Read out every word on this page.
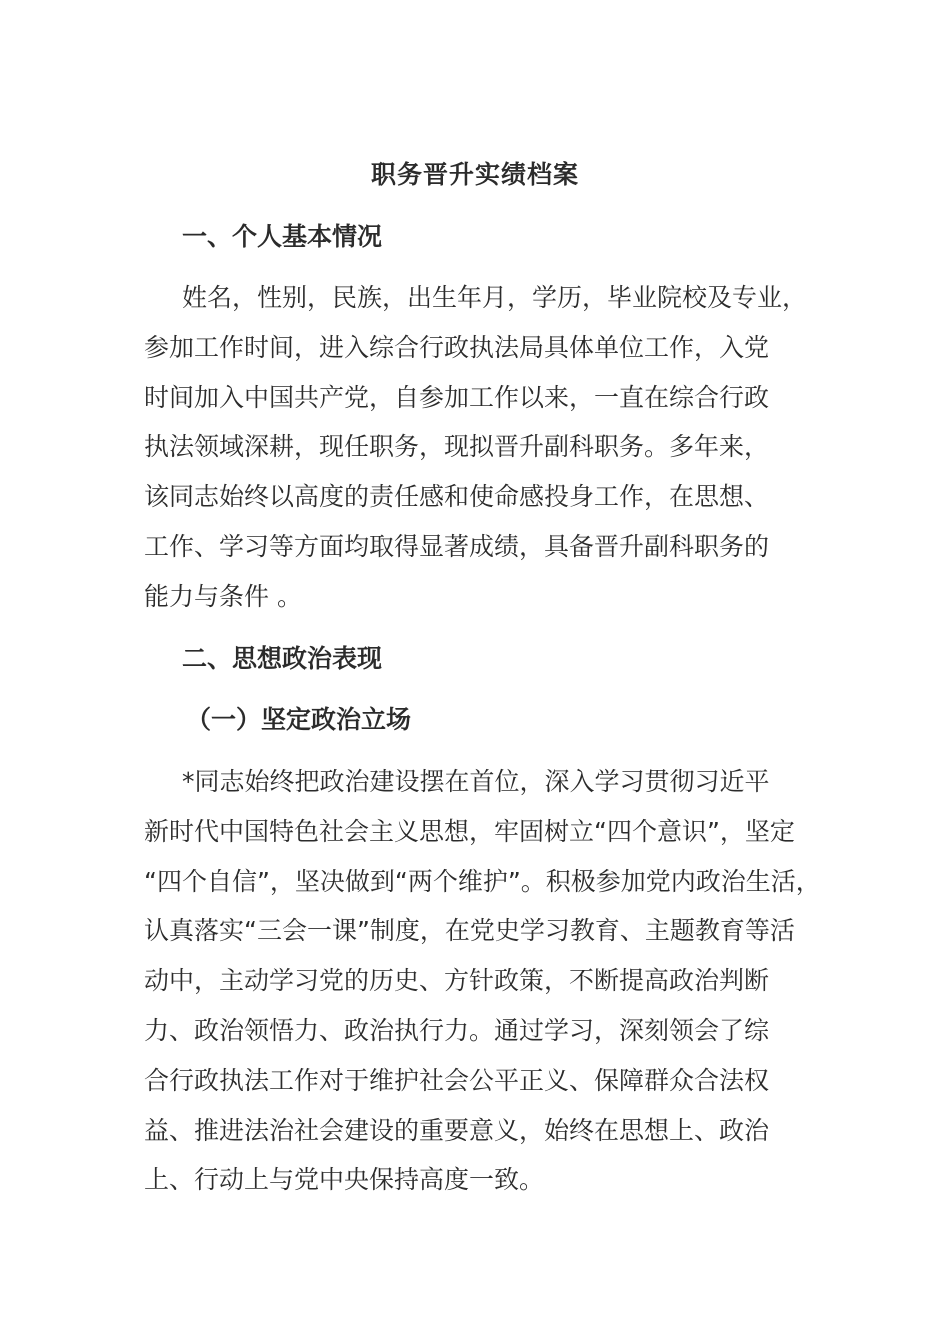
职务晋升实绩档案
一、个人基本情况
姓名，性别，民族，出生年月，学历，毕业院校及专业，
参加工作时间，进入综合行政执法局具体单位工作，入党
时间加入中国共产党，自参加工作以来，一直在综合行政
执法领域深耕，现任职务，现拟晋升副科职务。多年来，
该同志始终以高度的责任感和使命感投身工作，在思想、
工作、学习等方面均取得显著成绩，具备晋升副科职务的
能力与条件 。
二、思想政治表现
（一）坚定政治立场
*同志始终把政治建设摆在首位，深入学习贯彻习近平
新时代中国特色社会主义思想，牢固树立“四个意识”，坚定
“四个自信”，坚决做到“两个维护”。积极参加党内政治生活，
认真落实“三会一课”制度，在党史学习教育、主题教育等活
动中，主动学习党的历史、方针政策，不断提高政治判断
力、政治领悟力、政治执行力。通过学习，深刻领会了综
合行政执法工作对于维护社会公平正义、保障群众合法权
益、推进法治社会建设的重要意义，始终在思想上、政治
上、行动上与党中央保持高度一致。
